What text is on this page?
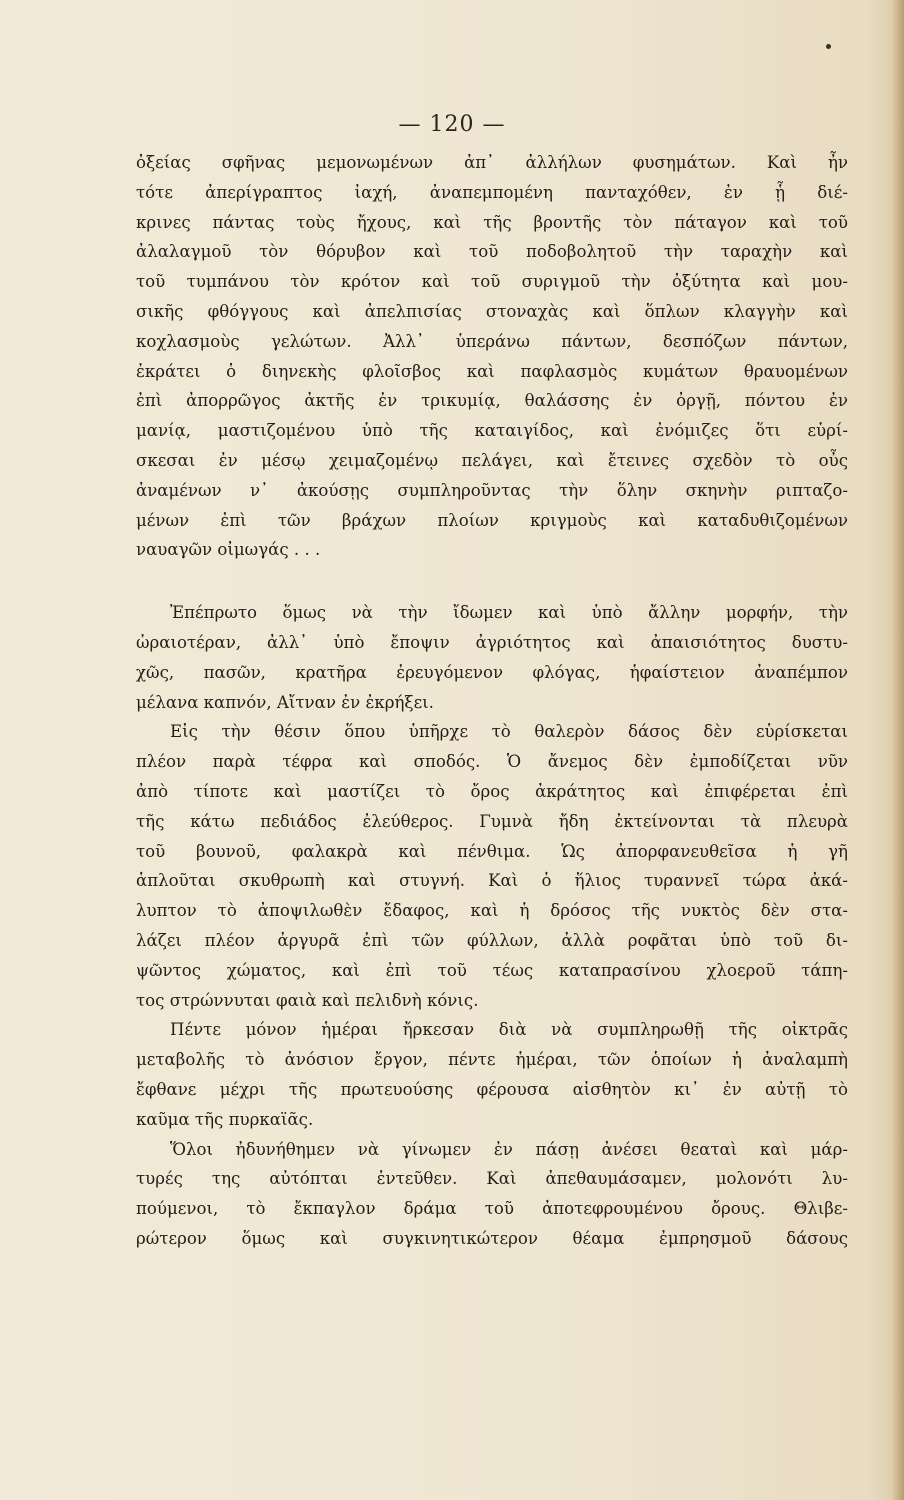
— 120 —
ὀξείας σφῆνας μεμονωμένων ἀπ᾽ ἀλλήλων φυσημάτων. Καὶ ἦν
τότε ἀπερίγραπτος ἰαχή, ἀναπεμπομένη πανταχόθεν, ἐν ᾗ διέ-
κρινες πάντας τοὺς ἤχους, καὶ τῆς βροντῆς τὸν πάταγον καὶ τοῦ
ἀλαλαγμοῦ τὸν θόρυβον καὶ τοῦ ποδοβολητοῦ τὴν ταραχὴν καὶ
τοῦ τυμπάνου τὸν κρότον καὶ τοῦ συριγμοῦ τὴν ὀξύτητα καὶ μου-
σικῆς φθόγγους καὶ ἀπελπισίας στοναχὰς καὶ ὅπλων κλαγγὴν καὶ
κοχλασμοὺς γελώτων. Ἀλλ᾽ ὑπεράνω πάντων, δεσπόζων πάντων,
ἐκράτει ὁ διηνεκὴς φλοῖσβος καὶ παφλασμὸς κυμάτων θραυομένων
ἐπὶ ἀπορρῶγος ἀκτῆς ἐν τρικυμίᾳ, θαλάσσης ἐν ὀργῇ, πόντου ἐν
μανίᾳ, μαστιζομένου ὑπὸ τῆς καταιγίδος, καὶ ἐνόμιζες ὅτι εὑρί-
σκεσαι ἐν μέσῳ χειμαζομένῳ πελάγει, καὶ ἔτεινες σχεδὸν τὸ οὖς
ἀναμένων ν᾽ ἀκούσῃς συμπληροῦντας τὴν ὅλην σκηνὴν ριπταζο-
μένων ἐπὶ τῶν βράχων πλοίων κριγμοὺς καὶ καταδυθιζομένων
ναυαγῶν οἰμωγάς . . .
Ἐπέπρωτο ὅμως νὰ τὴν ἴδωμεν καὶ ὑπὸ ἄλλην μορφήν, τὴν
ὡραιοτέραν, ἀλλ᾽ ὑπὸ ἔποψιν ἀγριότητος καὶ ἀπαισιότητος δυστυ-
χῶς, πασῶν, κρατῆρα ἐρευγόμενον φλόγας, ἡφαίστειον ἀναπέμπον
μέλανα καπνόν, Αἴτναν ἐν ἐκρήξει.
Εἰς τὴν θέσιν ὅπου ὑπῆρχε τὸ θαλερὸν δάσος δὲν εὑρίσκεται
πλέον παρὰ τέφρα καὶ σποδός. Ὁ ἄνεμος δὲν ἐμποδίζεται νῦν
ἀπὸ τίποτε καὶ μαστίζει τὸ ὄρος ἀκράτητος καὶ ἐπιφέρεται ἐπὶ
τῆς κάτω πεδιάδος ἐλεύθερος. Γυμνὰ ἤδη ἐκτείνονται τὰ πλευρὰ
τοῦ βουνοῦ, φαλακρὰ καὶ πένθιμα. Ὡς ἀπορφανευθεῖσα ἡ γῆ
ἁπλοῦται σκυθρωπὴ καὶ στυγνή. Καὶ ὁ ἥλιος τυραννεῖ τώρα ἀκά-
λυπτον τὸ ἀποψιλωθὲν ἔδαφος, καὶ ἡ δρόσος τῆς νυκτὸς δὲν στα-
λάζει πλέον ἀργυρᾶ ἐπὶ τῶν φύλλων, ἀλλὰ ροφᾶται ὑπὸ τοῦ δι-
ψῶντος χώματος, καὶ ἐπὶ τοῦ τέως καταπρασίνου χλοεροῦ τάπη-
τος στρώννυται φαιὰ καὶ πελιδνὴ κόνις.
Πέντε μόνον ἡμέραι ἤρκεσαν διὰ νὰ συμπληρωθῇ τῆς οἰκτρᾶς
μεταβολῆς τὸ ἀνόσιον ἔργον, πέντε ἡμέραι, τῶν ὁποίων ἡ ἀναλαμπὴ
ἔφθανε μέχρι τῆς πρωτευούσης φέρουσα αἰσθητὸν κι᾽ ἐν αὐτῇ τὸ
καῦμα τῆς πυρκαϊᾶς.
Ὅλοι ἠδυνήθημεν νὰ γίνωμεν ἐν πάσῃ ἀνέσει θεαταὶ καὶ μάρ-
τυρές της αὐτόπται ἐντεῦθεν. Καὶ ἀπεθαυμάσαμεν, μολονότι λυ-
πούμενοι, τὸ ἔκπαγλον δράμα τοῦ ἀποτεφρουμένου ὄρους. Θλιβε-
ρώτερον ὅμως καὶ συγκινητικώτερον θέαμα ἐμπρησμοῦ δάσους
